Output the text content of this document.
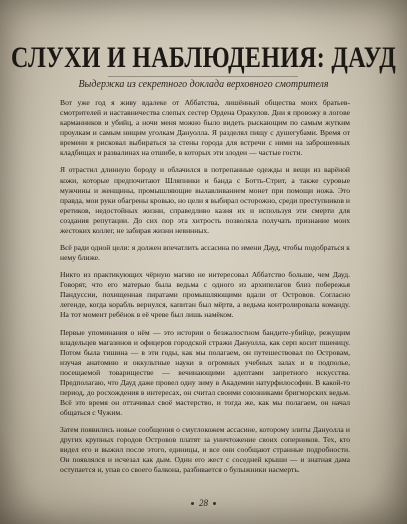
СЛУХИ И НАБЛЮДЕНИЯ: ДАУД
Выдержка из секретного доклада верховного смотрителя

Вот уже год я живу вдалеке от Аббатства, лишённый общества моих братьев-смотрителей и наставничества слепых сестер Ордена Оракулов. Дни я провожу в логове карманников и убийц, а ночи меня можно было видеть рыскающим по самым жутким проулкам и самым нищим уголкам Дануолла. Я разделял пищу с душегубами. Время от времени я рисковал выбираться за стены города для встречи с ними на заброшенных кладбищах и развалинах на отшибе, в которых эти злодеи — частые гости.

Я отрастил длинную бороду и облачился в потрепанные одежды и вещи из варёной кожи, которые предпочитают Шляпники и банда с Ботть-Стрит, а также суровые мужчины и женщины, промышляющие вылавливанием монет при помощи ножа. Это правда, мои руки обагрены кровью, но цели я выбирал осторожно, среди преступников и еретиков, недостойных жизни, справедливо казня их и используя эти смерти для создания репутации. До сих пор эта хитрость позволяла получать признание моих жестоких коллег, не забирая жизни невинных.

Всё ради одной цели: я должен впечатлить ассасина по имени Дауд, чтобы подобраться к нему ближе.

Никто из практикующих чёрную магию не интересовал Аббатство больше, чем Дауд. Говорят, что его матерью была ведьма с одного из архипелагов близ побережья Пандуссии, похищенная пиратами промышляющими вдали от Островов. Согласно легенде, когда корабль вернулся, капитан был мёртв, а ведьма контролировала команду. На тот момент ребёнок в её чреве был лишь намёком.

Первые упоминания о нём — это истории о безжалостном бандите-убийце, режущим владельцев магазинов и офицеров городской стражи Дануолла, как серп косит пшеницу. Потом была тишина — в эти годы, как мы полагаем, он путешествовал по Островам, изучая анатомию и оккультные науки в огромных учебных залах и в подполье, посещаемой товариществе — вечинающими адептами запретного искусства. Предполагаю, что Дауд даже провел одну зиму в Академии натурфилософии. В какой-то период, до росхождения в интересах, он считал своими союзниками бригморских ведьм. Всё это время он оттачивал своё мастерство, и тогда же, как мы полагаем, он начал общаться с Чужим.

Затем появились новые сообщения о смуглокожем ассасине, которому элиты Дануолла и других крупных городов Островов платят за уничтожение своих соперников. Тех, кто видел его и выжил после этого, единицы, и все они сообщают странные подробности. Он появлялся и исчезал как дым. Один его жест с соседней крыши — и знатная дама оступается и, упав со своего балкона, разбивается о булыжники насмерть.

28
